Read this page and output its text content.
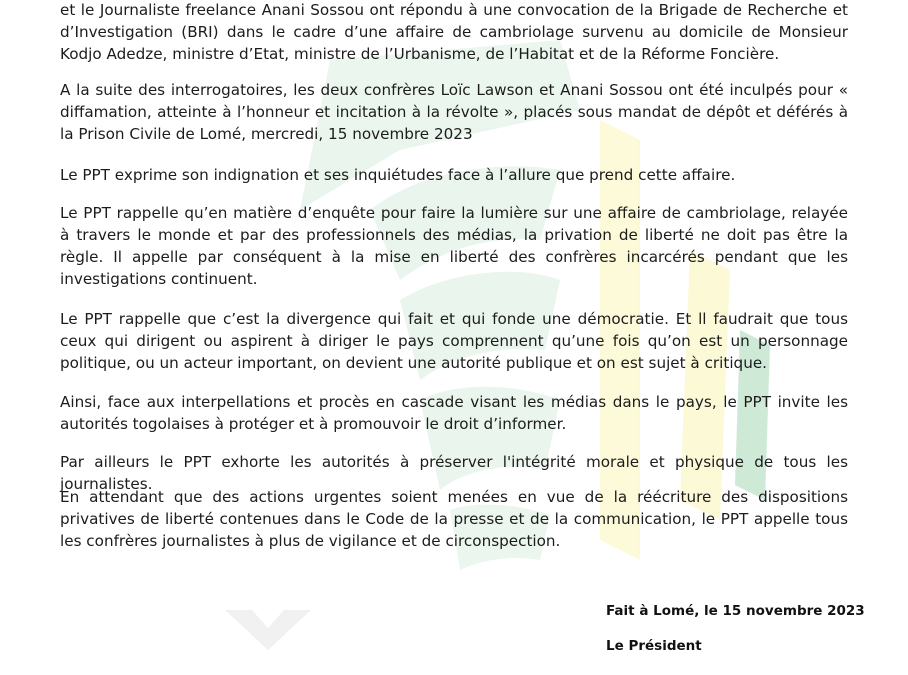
et le Journaliste freelance Anani Sossou ont répondu à une convocation de la Brigade de Recherche et d’Investigation (BRI) dans le cadre d’une affaire de cambriolage survenu au domicile de Monsieur Kodjo Adedze, ministre d’Etat, ministre de l’Urbanisme, de l’Habitat et de la Réforme Foncière.

A la suite des interrogatoires, les deux confrères Loïc Lawson et Anani Sossou ont été inculpés pour « diffamation, atteinte à l’honneur et incitation à la révolte », placés sous mandat de dépôt et déférés à la Prison Civile de Lomé, mercredi, 15 novembre 2023

Le PPT exprime son indignation et ses inquiétudes face à l’allure que prend cette affaire.

Le PPT rappelle qu’en matière d’enquête pour faire la lumière sur une affaire de cambriolage, relayée à travers le monde et par des professionnels des médias, la privation de liberté ne doit pas être la règle. Il appelle par conséquent à la mise en liberté des confrères incarcérés pendant que les investigations continuent.

Le PPT rappelle que c’est la divergence qui fait et qui fonde une démocratie. Et ll faudrait que tous ceux qui dirigent ou aspirent à diriger le pays comprennent qu’une fois qu’on est un personnage politique, ou un acteur important, on devient une autorité publique et on est sujet à critique.

Ainsi, face aux interpellations et procès en cascade visant les médias dans le pays, le PPT invite les autorités togolaises à protéger et à promouvoir le droit d’informer.

Par ailleurs le PPT exhorte les autorités à préserver l'intégrité morale et physique de tous les journalistes.

En attendant que des actions urgentes soient menées en vue de la réécriture des dispositions privatives de liberté contenues dans le Code de la presse et de la communication, le PPT appelle tous les confrères journalistes à plus de vigilance et de circonspection.

Fait à Lomé, le 15 novembre 2023
Le Président
